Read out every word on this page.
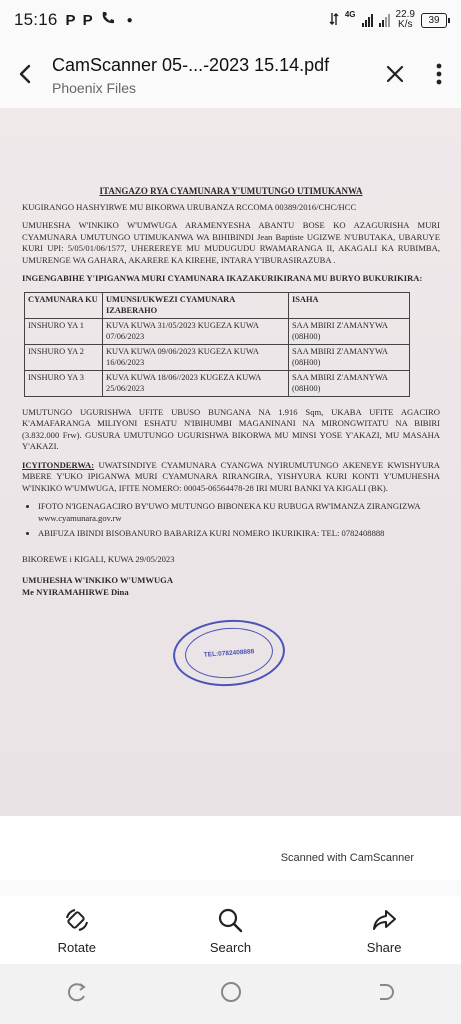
15:16 P P	●	4G	22.9
K/s 39
CamScanner 05-...-2023 15.14.pdf
Phoenix Files

ITANGAZO RYA CYAMUNARA Y'UMUTUNGO UTIMUKANWA

KUGIRANGO HASHYIRWE MU BIKORWA URUBANZA RCCOMA 00389/2016/CHC/HCC

UMUHESHA W'INKIKO W'UMWUGA ARAMENYESHA ABANTU BOSE KO AZAGURISHA MURI CYAMUNARA UMUTUNGO UTIMUKANWA WA BIHIBINDI Jean Baptiste UGIZWE N'UBUTAKA, UBARUYE KURI UPI: 5/05/01/06/1577, UHEREREYE MU MUDUGUDU RWAMARANGA II, AKAGALI KA RUBIMBA, UMURENGE WA GAHARA, AKARERE KA KIREHE, INTARA Y'IBURASIRAZUBA .

INGENGABIHE Y'IPIGANWA MURI CYAMUNARA IKAZAKURIKIRANA MU BURYO BUKURIKIRA:

CYAMUNARA KU	UMUNSI/UKWEZI CYAMUNARA IZABERAHO	ISAHA
INSHURO YA 1	KUVA KUWA 31/05/2023 KUGEZA KUWA 07/06/2023	SAA MBIRI Z'AMANYWA (08H00)
INSHURO YA 2	KUVA KUWA 09/06/2023 KUGEZA KUWA 16/06/2023	SAA MBIRI Z'AMANYWA (08H00)
INSHURO YA 3	KUVA KUWA 18/06//2023 KUGEZA KUWA 25/06/2023	SAA MBIRI Z'AMANYWA (08H00)

UMUTUNGO UGURISHWA UFITE UBUSO BUNGANA NA 1.916 Sqm, UKABA UFITE AGACIRO K'AMAFARANGA MILIYONI ESHATU N'IBIHUMBI MAGANINANI NA MIRONGWITATU NA BIBIRI (3.832.000 Frw). GUSURA UMUTUNGO UGURISHWA BIKORWA MU MINSI YOSE Y'AKAZI, MU MASAHA Y'AKAZI.

ICYITONDERWA: UWATSINDIYE CYAMUNARA CYANGWA NYIRUMUTUNGO AKENEYE KWISHYURA MBERE Y'UKO IPIGANWA MURI CYAMUNARA RIRANGIRA, YISHYURA KURI KONTI Y'UMUHESHA W'INKIKO W'UMWUGA, IFITE NOMERO: 00045-06564478-28 IRI MURI BANKI YA KIGALI (BK).

• IFOTO N'IGENAGACIRO BY'UWO MUTUNGO BIBONEKA KU RUBUGA RW'IMANZA ZIRANGIZWA www.cyamunara.gov.rw
• ABIFUZA IBINDI BISOBANURO BABARIZA KURI NOMERO IKURIKIRA: TEL: 0782408888

BIKOREWE i KIGALI, KUWA 29/05/2023

UMUHESHA W'INKIKO W'UMWUGA
Me NYIRAMAHIRWE Dina
TEL:0782408888
Scanned with CamScanner
Rotate	Search	Share
